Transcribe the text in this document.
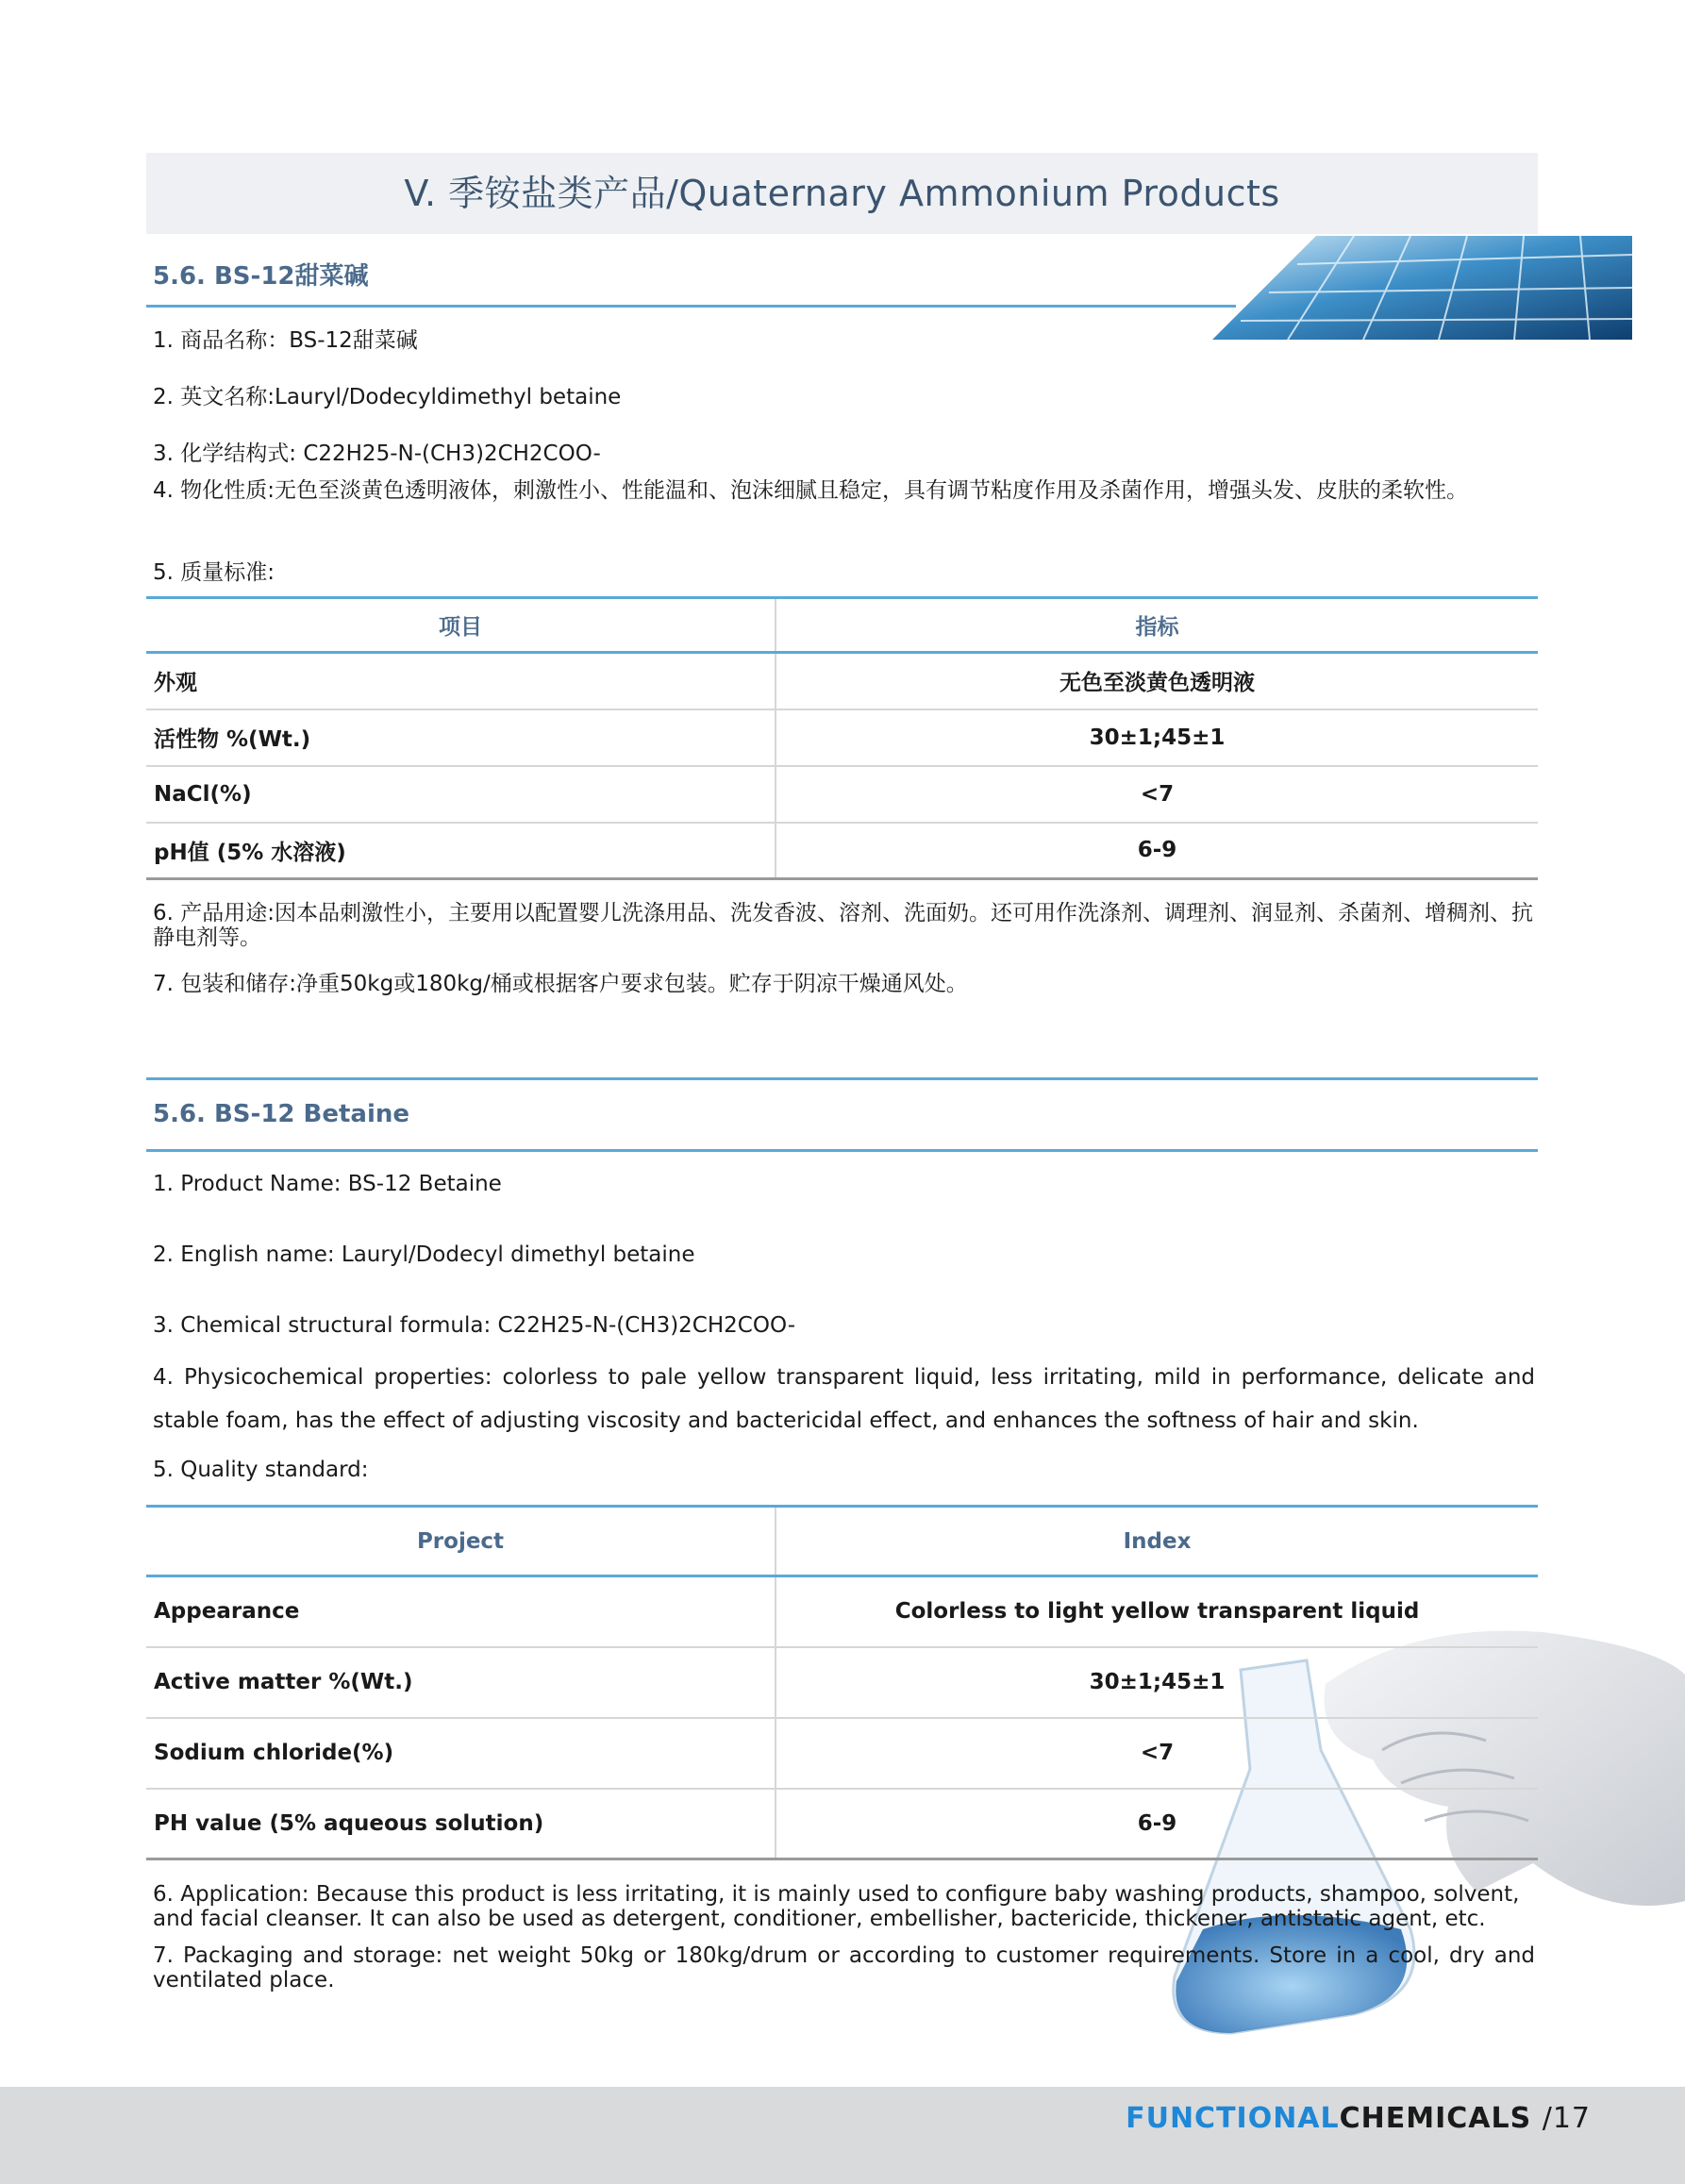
V. 季铵盐类产品/Quaternary Ammonium Products
5.6. BS-12甜菜碱
1. 商品名称：BS-12甜菜碱
2. 英文名称:Lauryl/Dodecyldimethyl betaine
3. 化学结构式: C22H25-N-(CH3)2CH2COO-
4. 物化性质:无色至淡黄色透明液体，刺激性小、性能温和、泡沫细腻且稳定，具有调节粘度作用及杀菌作用，增强头发、皮肤的柔软性。
5. 质量标准:
项目	指标
外观	无色至淡黄色透明液
活性物 %(Wt.)	30±1;45±1
NaCl(%)	<7
pH值 (5% 水溶液)	6-9
6. 产品用途:因本品刺激性小，主要用以配置婴儿洗涤用品、洗发香波、溶剂、洗面奶。还可用作洗涤剂、调理剂、润显剂、杀菌剂、增稠剂、抗静电剂等。
7. 包装和储存:净重50kg或180kg/桶或根据客户要求包装。贮存于阴凉干燥通风处。
5.6. BS-12 Betaine
1. Product Name: BS-12 Betaine
2. English name: Lauryl/Dodecyl dimethyl betaine
3. Chemical structural formula: C22H25-N-(CH3)2CH2COO-
4. Physicochemical properties: colorless to pale yellow transparent liquid, less irritating, mild in performance, delicate and stable foam, has the effect of adjusting viscosity and bactericidal effect, and enhances the softness of hair and skin.
5. Quality standard:
Project	Index
Appearance	Colorless to light yellow transparent liquid
Active matter %(Wt.)	30±1;45±1
Sodium chloride(%)	<7
PH value (5% aqueous solution)	6-9
6. Application: Because this product is less irritating, it is mainly used to configure baby washing products, shampoo, solvent, and facial cleanser. It can also be used as detergent, conditioner, embellisher, bactericide, thickener, antistatic agent, etc.
7. Packaging and storage: net weight 50kg or 180kg/drum or according to customer requirements. Store in a cool, dry and ventilated place.
FUNCTIONALCHEMICALS /17
